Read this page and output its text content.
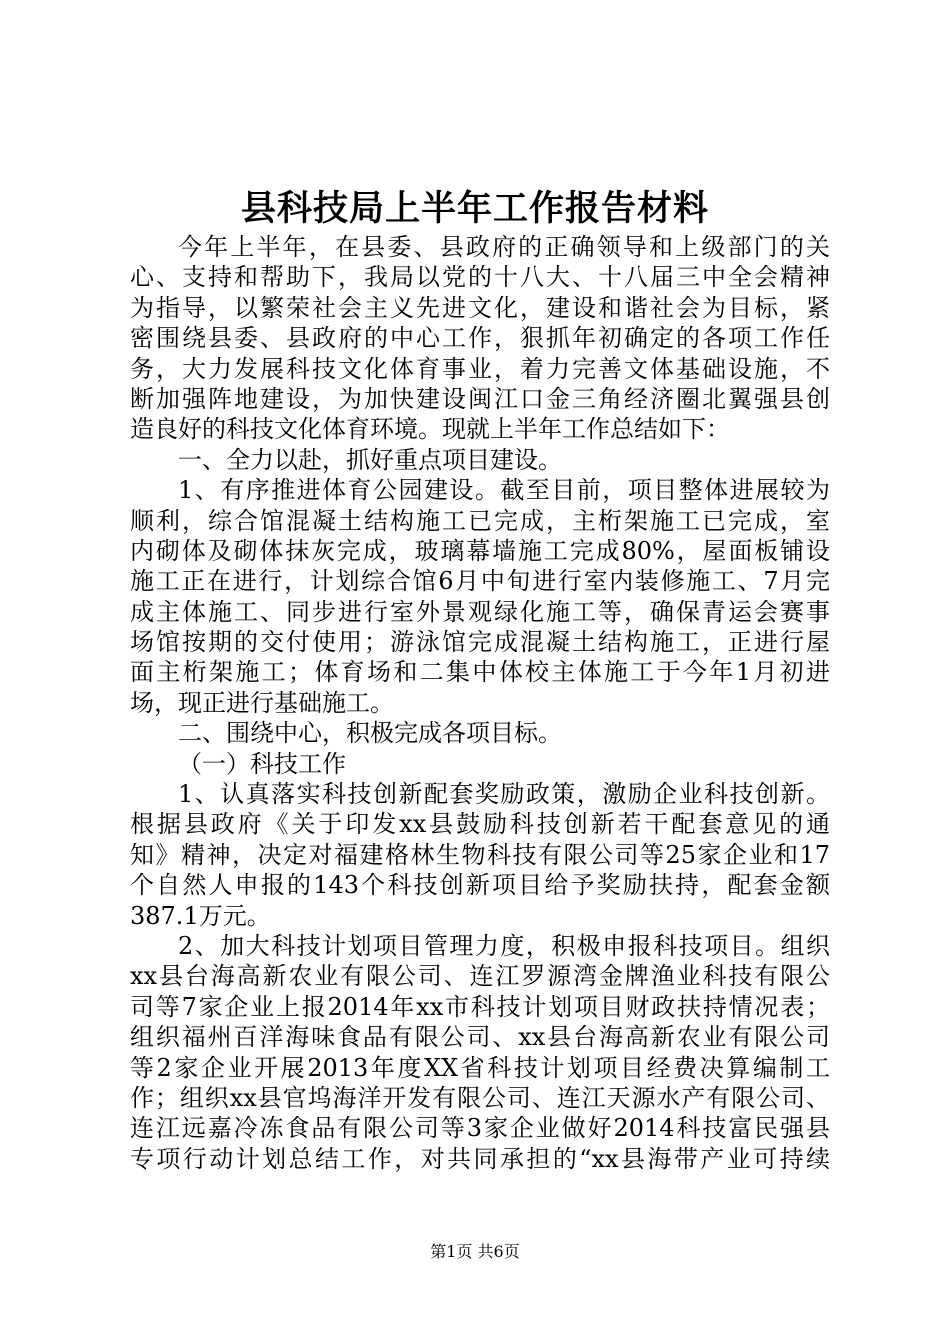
县科技局上半年工作报告材料
今年上半年，在县委、县政府的正确领导和上级部门的关
心、支持和帮助下，我局以党的十八大、十八届三中全会精神
为指导，以繁荣社会主义先进文化，建设和谐社会为目标，紧
密围绕县委、县政府的中心工作，狠抓年初确定的各项工作任
务，大力发展科技文化体育事业，着力完善文体基础设施，不
断加强阵地建设，为加快建设闽江口金三角经济圈北翼强县创
造良好的科技文化体育环境。现就上半年工作总结如下：
一、全力以赴，抓好重点项目建设。
1、有序推进体育公园建设。截至目前，项目整体进展较为
顺利，综合馆混凝土结构施工已完成，主桁架施工已完成，室
内砌体及砌体抹灰完成，玻璃幕墙施工完成80%，屋面板铺设
施工正在进行，计划综合馆6月中旬进行室内装修施工、7月完
成主体施工、同步进行室外景观绿化施工等，确保青运会赛事
场馆按期的交付使用；游泳馆完成混凝土结构施工，正进行屋
面主桁架施工；体育场和二集中体校主体施工于今年1月初进
场，现正进行基础施工。
二、围绕中心，积极完成各项目标。
（一）科技工作
1、认真落实科技创新配套奖励政策，激励企业科技创新。
根据县政府《关于印发xx县鼓励科技创新若干配套意见的通
知》精神，决定对福建格林生物科技有限公司等25家企业和17
个自然人申报的143个科技创新项目给予奖励扶持，配套金额
387.1万元。
2、加大科技计划项目管理力度，积极申报科技项目。组织
xx县台海高新农业有限公司、连江罗源湾金牌渔业科技有限公
司等7家企业上报2014年xx市科技计划项目财政扶持情况表；
组织福州百洋海味食品有限公司、xx县台海高新农业有限公司
等2家企业开展2013年度XX省科技计划项目经费决算编制工
作；组织xx县官坞海洋开发有限公司、连江天源水产有限公司、
连江远嘉冷冻食品有限公司等3家企业做好2014科技富民强县
专项行动计划总结工作，对共同承担的“xx县海带产业可持续
第1页 共6页
